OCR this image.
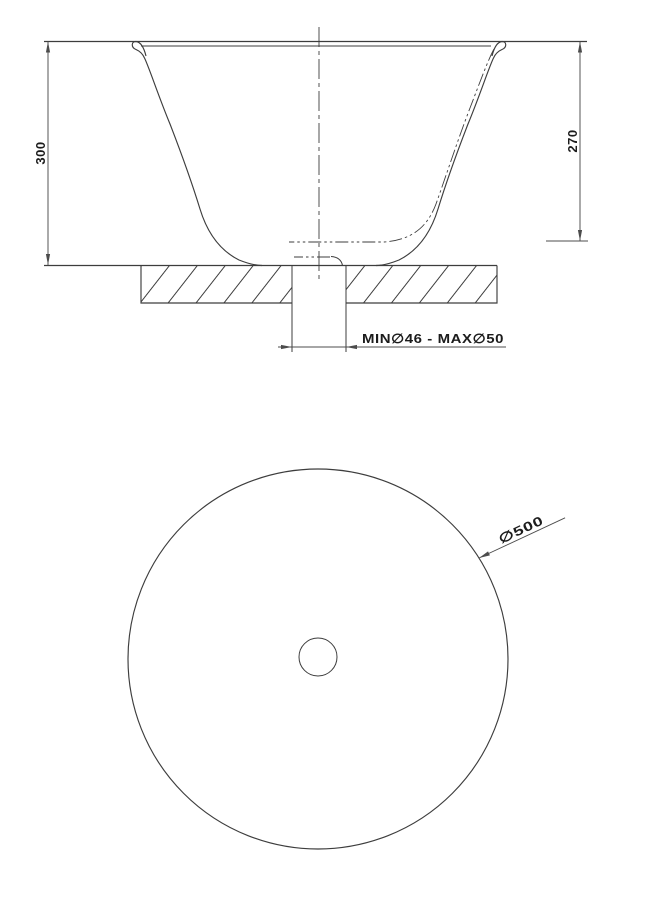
300
270
MIN∅46 - MAX∅50
∅500
